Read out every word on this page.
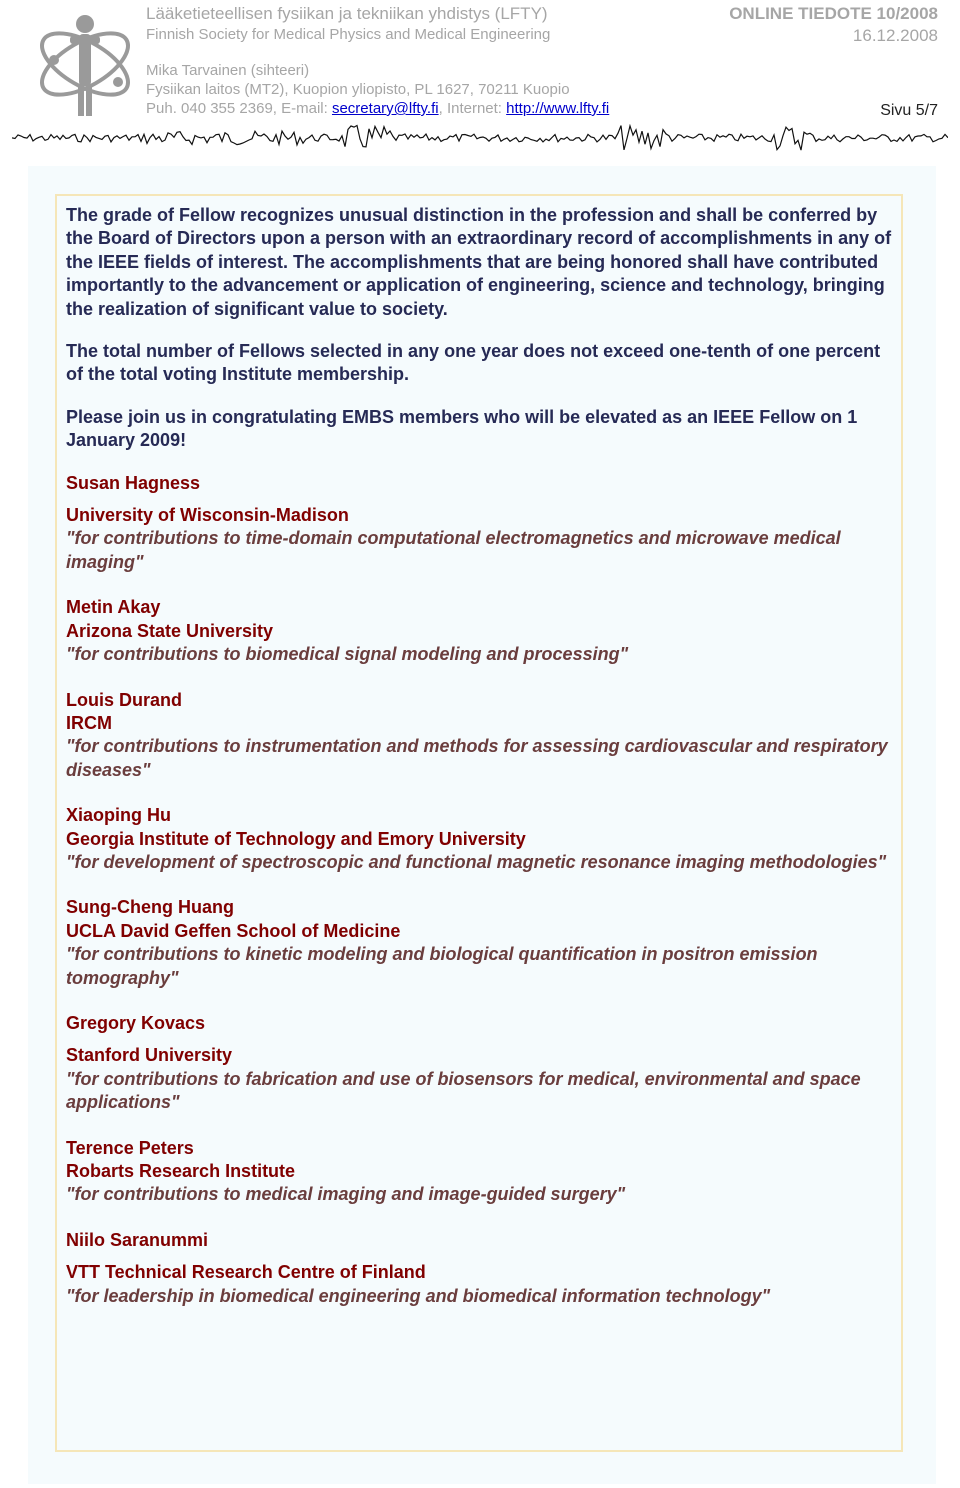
Lääketieteellisen fysiikan ja tekniikan yhdistys (LFTY)
Finnish Society for Medical Physics and Medical Engineering
ONLINE TIEDOTE 10/2008
16.12.2008
Mika Tarvainen (sihteeri)
Fysiikan laitos (MT2), Kuopion yliopisto, PL 1627, 70211 Kuopio
Puh. 040 355 2369, E-mail: secretary@lfty.fi, Internet: http://www.lfty.fi	Sivu 5/7

The grade of Fellow recognizes unusual distinction in the profession and shall be conferred by the Board of Directors upon a person with an extraordinary record of accomplishments in any of the IEEE fields of interest. The accomplishments that are being honored shall have contributed importantly to the advancement or application of engineering, science and technology, bringing the realization of significant value to society.

The total number of Fellows selected in any one year does not exceed one-tenth of one percent of the total voting Institute membership.

Please join us in congratulating EMBS members who will be elevated as an IEEE Fellow on 1 January 2009!

Susan Hagness
University of Wisconsin-Madison
"for contributions to time-domain computational electromagnetics and microwave medical imaging"
Metin Akay
Arizona State University
"for contributions to biomedical signal modeling and processing"
Louis Durand
IRCM
"for contributions to instrumentation and methods for assessing cardiovascular and respiratory diseases"
Xiaoping Hu
Georgia Institute of Technology and Emory University
"for development of spectroscopic and functional magnetic resonance imaging methodologies"
Sung-Cheng Huang
UCLA David Geffen School of Medicine
"for contributions to kinetic modeling and biological quantification in positron emission tomography"
Gregory Kovacs
Stanford University
"for contributions to fabrication and use of biosensors for medical, environmental and space applications"
Terence Peters
Robarts Research Institute
"for contributions to medical imaging and image-guided surgery"
Niilo Saranummi
VTT Technical Research Centre of Finland
"for leadership in biomedical engineering and biomedical information technology"
